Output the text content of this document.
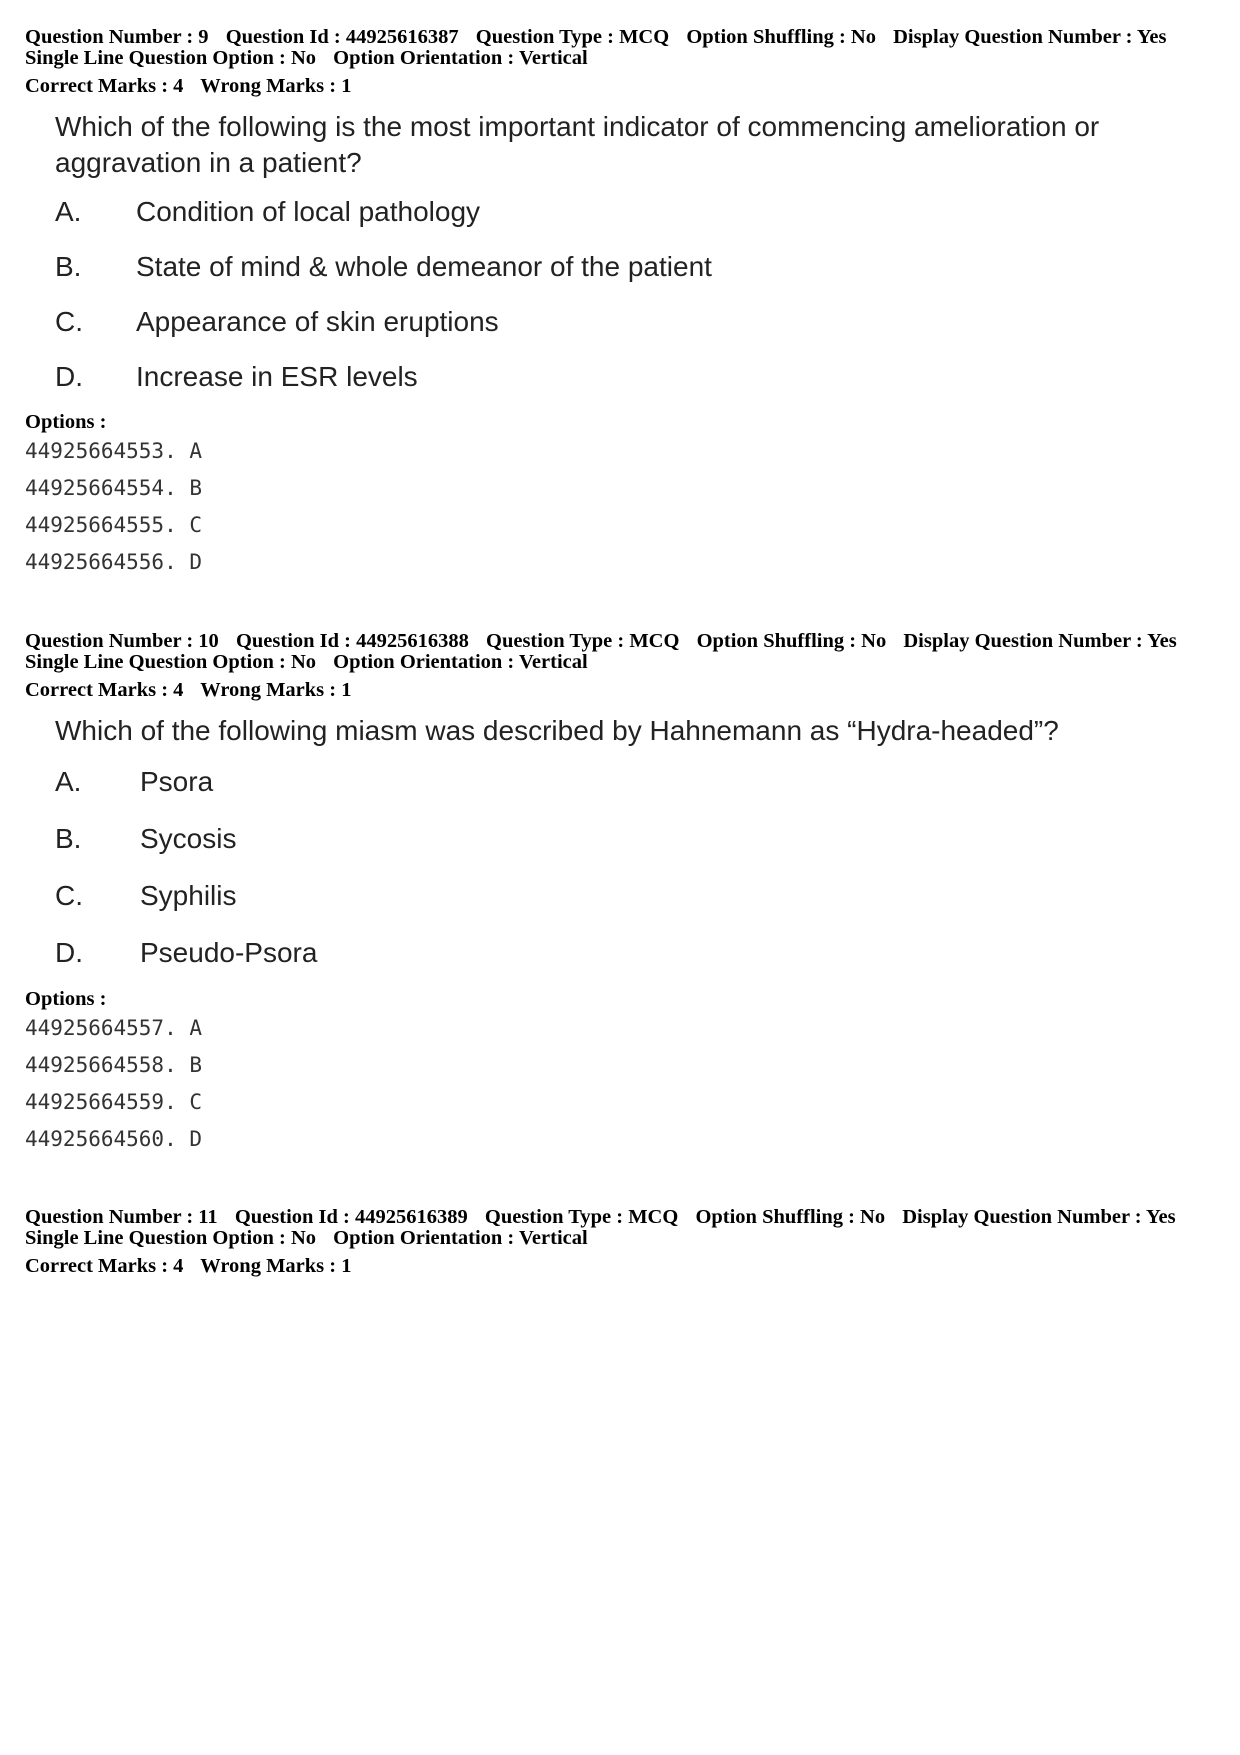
Question Number : 9 Question Id : 44925616387 Question Type : MCQ Option Shuffling : No Display Question Number : Yes
Single Line Question Option : No Option Orientation : Vertical
Correct Marks : 4 Wrong Marks : 1
Which of the following is the most important indicator of commencing amelioration or
aggravation in a patient?
A. Condition of local pathology
B. State of mind & whole demeanor of the patient
C. Appearance of skin eruptions
D. Increase in ESR levels
Options :
44925664553. A
44925664554. B
44925664555. C
44925664556. D
Question Number : 10 Question Id : 44925616388 Question Type : MCQ Option Shuffling : No Display Question Number : Yes
Single Line Question Option : No Option Orientation : Vertical
Correct Marks : 4 Wrong Marks : 1
Which of the following miasm was described by Hahnemann as “Hydra-headed”?
A. Psora
B. Sycosis
C. Syphilis
D. Pseudo-Psora
Options :
44925664557. A
44925664558. B
44925664559. C
44925664560. D
Question Number : 11 Question Id : 44925616389 Question Type : MCQ Option Shuffling : No Display Question Number : Yes
Single Line Question Option : No Option Orientation : Vertical
Correct Marks : 4 Wrong Marks : 1
